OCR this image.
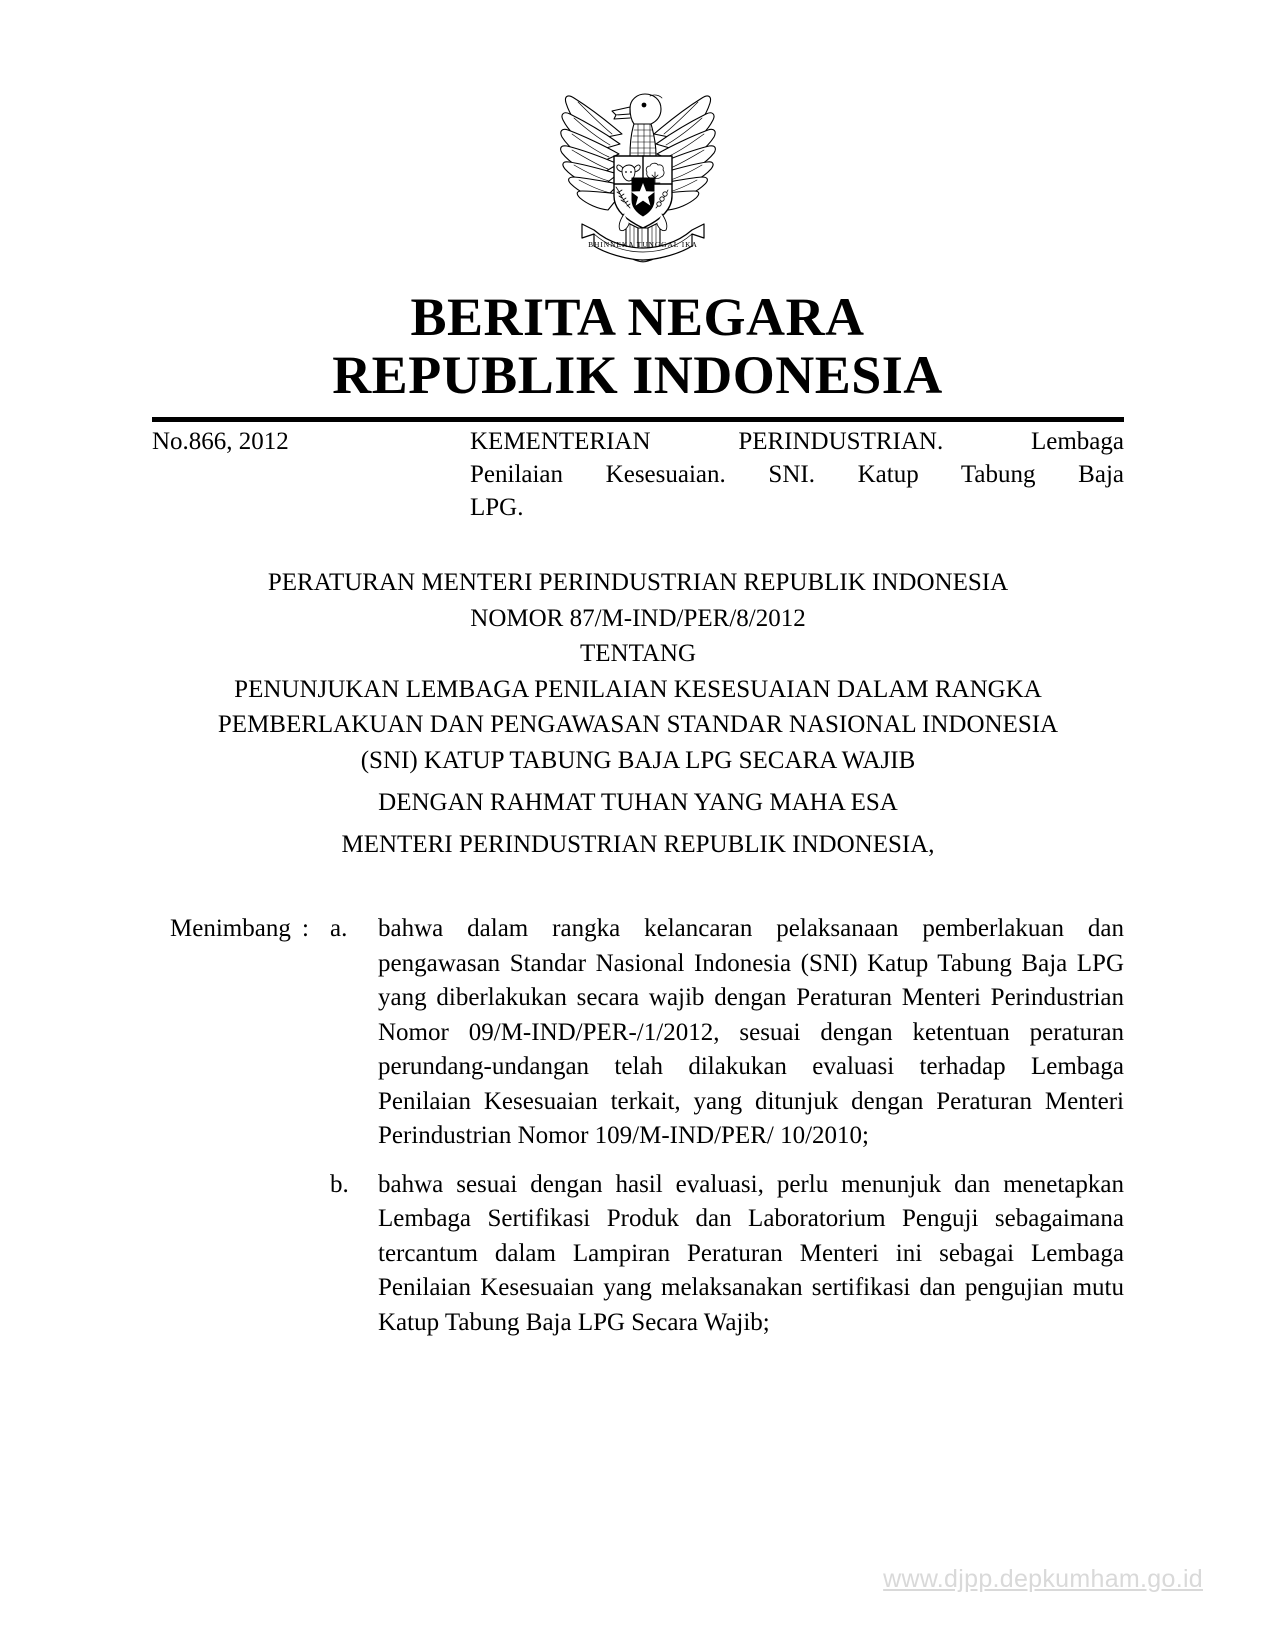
BHINNEKA TUNGGAL IKA
BERITA NEGARA
REPUBLIK INDONESIA
No.866, 2012	KEMENTERIAN PERINDUSTRIAN. Lembaga
Penilaian Kesesuaian. SNI. Katup Tabung Baja
LPG.
PERATURAN MENTERI PERINDUSTRIAN REPUBLIK INDONESIA
NOMOR 87/M-IND/PER/8/2012
TENTANG
PENUNJUKAN LEMBAGA PENILAIAN KESESUAIAN DALAM RANGKA
PEMBERLAKUAN DAN PENGAWASAN STANDAR NASIONAL INDONESIA
(SNI) KATUP TABUNG BAJA LPG SECARA WAJIB
DENGAN RAHMAT TUHAN YANG MAHA ESA
MENTERI PERINDUSTRIAN REPUBLIK INDONESIA,
Menimbang : a.	bahwa dalam rangka kelancaran pelaksanaan pemberlakuan dan pengawasan Standar Nasional Indonesia (SNI) Katup Tabung Baja LPG yang diberlakukan secara wajib dengan Peraturan Menteri Perindustrian Nomor 09/M-IND/PER-/1/2012, sesuai dengan ketentuan peraturan perundang-undangan telah dilakukan evaluasi terhadap Lembaga Penilaian Kesesuaian terkait, yang ditunjuk dengan Peraturan Menteri Perindustrian Nomor 109/M-IND/PER/ 10/2010;
b.	bahwa sesuai dengan hasil evaluasi, perlu menunjuk dan menetapkan Lembaga Sertifikasi Produk dan Laboratorium Penguji sebagaimana tercantum dalam Lampiran Peraturan Menteri ini sebagai Lembaga Penilaian Kesesuaian yang melaksanakan sertifikasi dan pengujian mutu Katup Tabung Baja LPG Secara Wajib;
www.djpp.depkumham.go.id
